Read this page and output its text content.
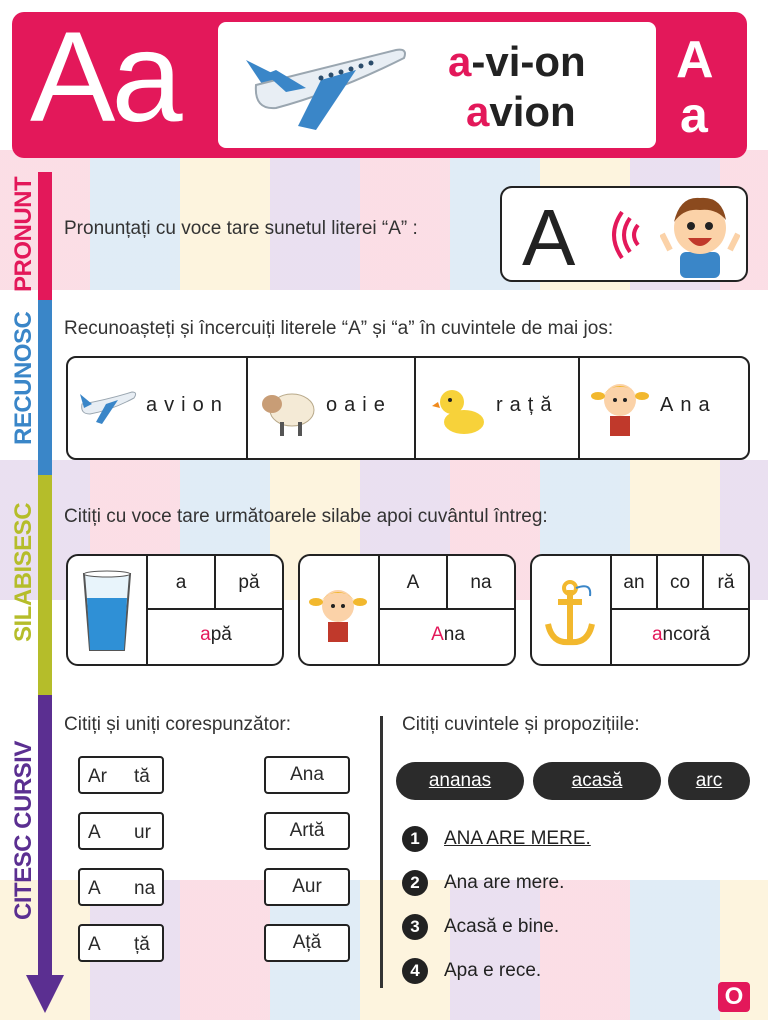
Aa	a-vi-on
avion
A
a
PRONUNT
RECUNOSC
SILABISESC
CITESC CURSIV
Pronunțați cu voce tare sunetul literei “A” : A
Recunoașteți și încercuiți literele “A” și “a” în cuvintele de mai jos:
avion	oaie	rață	Ana
Citiți cu voce tare următoarele silabe apoi cuvântul întreg:
a	pă
apă
A	na
Ana
an	co	ră
ancoră
Citiți și uniți corespunzător:
Ar tă
A ur
A na
A ță
Ana
Artă
Aur
Ață
Citiți cuvintele și propozițiile:
ananas	acasă	arc
1	ANA ARE MERE.
2	Ana are mere.
3	Acasă e bine.
4	Apa e rece.
O
